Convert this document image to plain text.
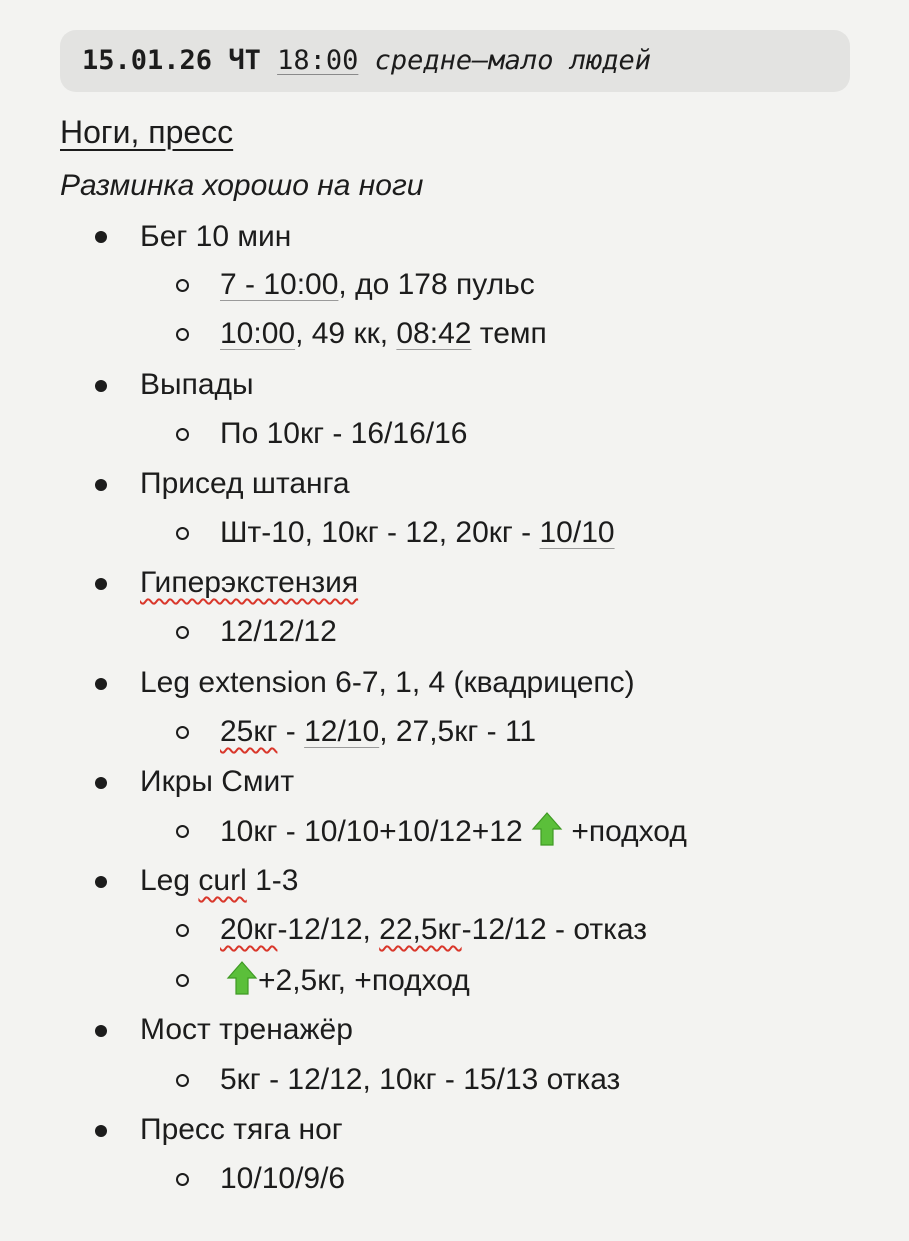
15.01.26 ЧТ 18:00 средне–мало людей
Ноги, пресс
Разминка хорошо на ноги
Бег 10 мин
7 - 10:00, до 178 пульс
10:00, 49 кк, 08:42 темп
Выпады
По 10кг - 16/16/16
Присед штанга
Шт-10, 10кг - 12, 20кг - 10/10
Гиперэкстензия
12/12/12
Leg extension 6-7, 1, 4 (квадрицепс)
25кг - 12/10, 27,5кг - 11
Икры Смит
10кг - 10/10+10/12+12  +подход
Leg curl 1-3
20кг-12/12, 22,5кг-12/12 - отказ
+2,5кг, +подход
Мост тренажёр
5кг - 12/12, 10кг - 15/13 отказ
Пресс тяга ног
10/10/9/6
